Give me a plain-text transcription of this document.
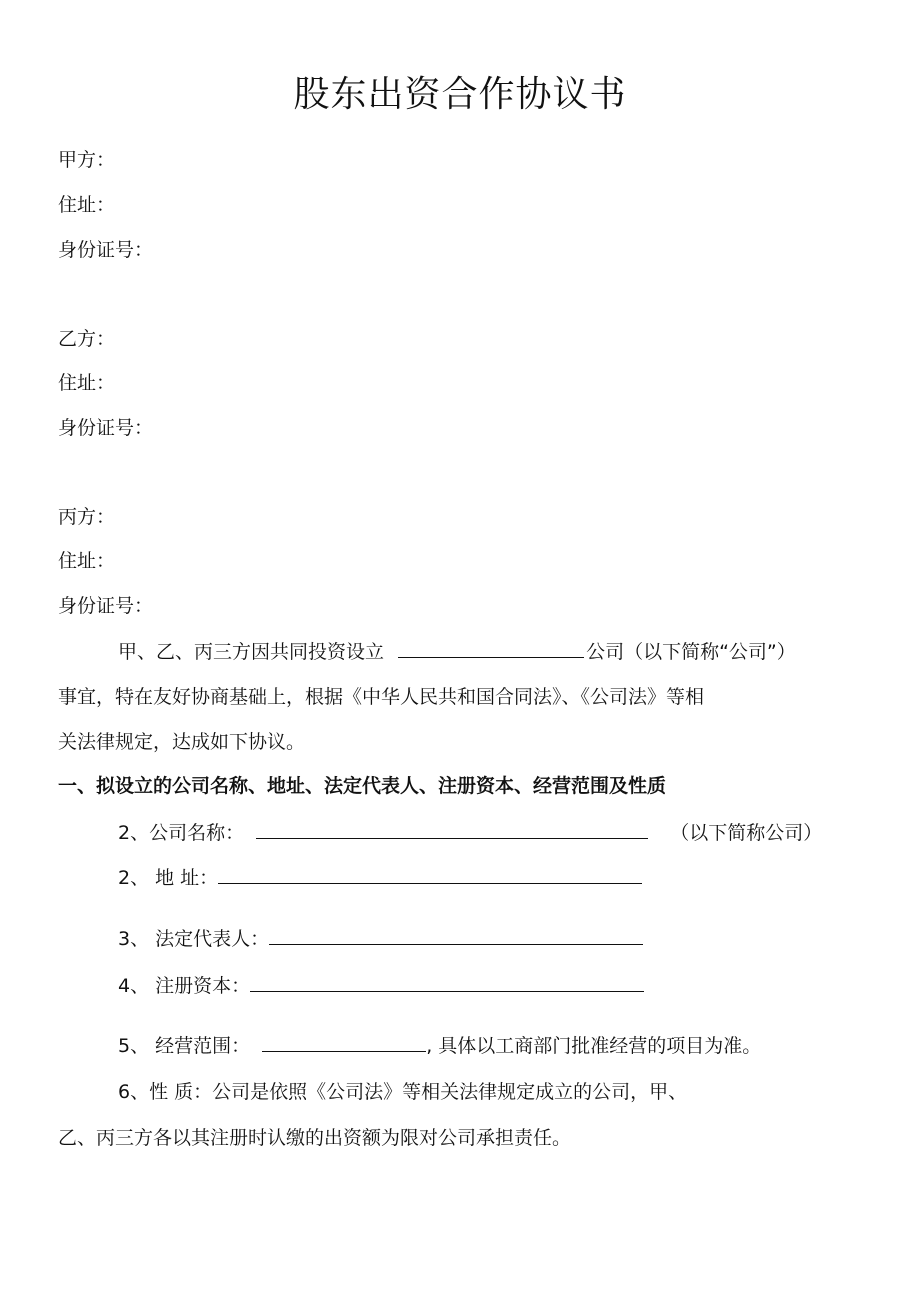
股东出资合作协议书
甲方：
住址：
身份证号：
乙方：
住址：
身份证号：
丙方：
住址：
身份证号：
甲、乙、丙三方因共同投资设立	公司（以下简称“公司”）
事宜，特在友好协商基础上，根据《中华人民共和国合同法》、《公司法》等相
关法律规定，达成如下协议。
一、拟设立的公司名称、地址、法定代表人、注册资本、经营范围及性质
2、公司名称：	（以下简称公司）
2、 地 址：
3、 法定代表人：
4、 注册资本：
5、 经营范围：	, 具体以工商部门批准经营的项目为准。
6、性 质：公司是依照《公司法》等相关法律规定成立的公司，甲、
乙、丙三方各以其注册时认缴的出资额为限对公司承担责任。
